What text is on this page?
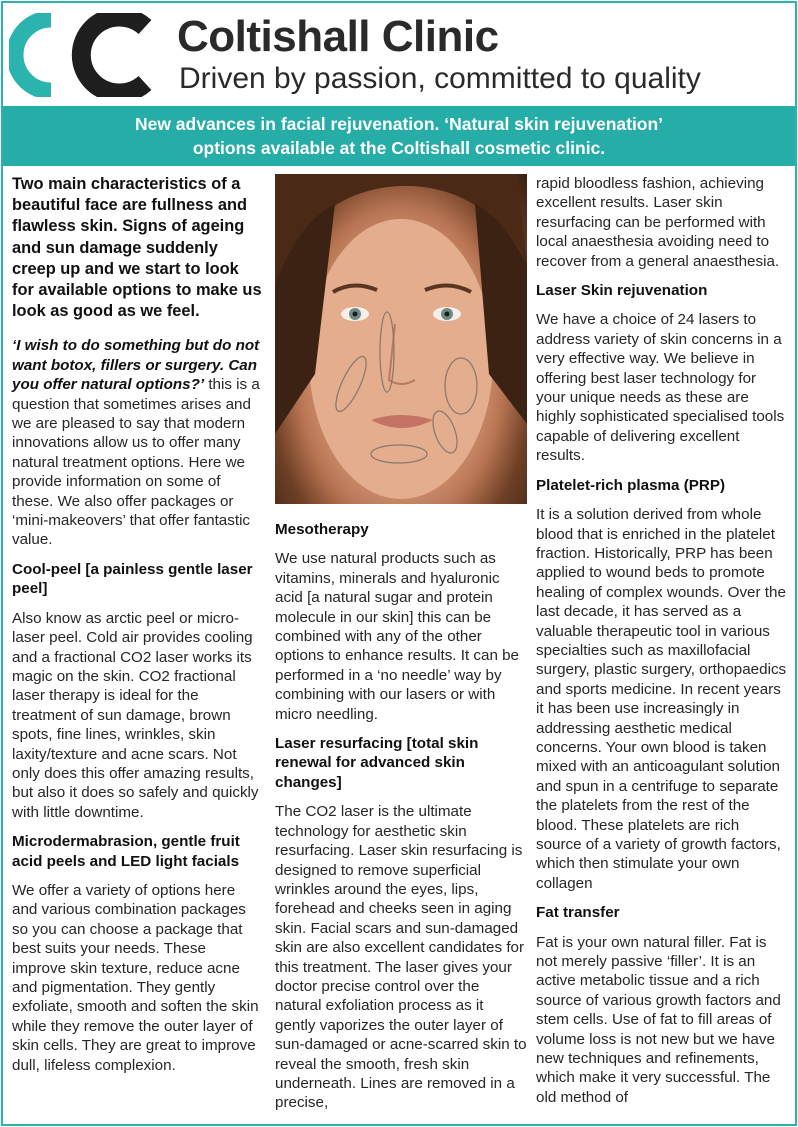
Coltishall Clinic
Driven by passion, committed to quality
New advances in facial rejuvenation. ‘Natural skin rejuvenation’
options available at the Coltishall cosmetic clinic.

Two main characteristics of a beautiful face are fullness and flawless skin. Signs of ageing and sun damage suddenly creep up and we start to look for available options to make us look as good as we feel.

‘I wish to do something but do not want botox, fillers or surgery. Can you offer natural options?’ this is a question that sometimes arises and we are pleased to say that modern innovations allow us to offer many natural treatment options. Here we provide information on some of these. We also offer packages or ‘mini-makeovers’ that offer fantastic value.

Cool-peel [a painless gentle laser peel]

Also know as arctic peel or micro-laser peel. Cold air provides cooling and a fractional CO2 laser works its magic on the skin. CO2 fractional laser therapy is ideal for the treatment of sun damage, brown spots, fine lines, wrinkles, skin laxity/texture and acne scars. Not only does this offer amazing results, but also it does so safely and quickly with little downtime.

Microdermabrasion, gentle fruit acid peels and LED light facials

We offer a variety of options here and various combination packages so you can choose a package that best suits your needs. These improve skin texture, reduce acne and pigmentation. They gently exfoliate, smooth and soften the skin while they remove the outer layer of skin cells. They are great to improve dull, lifeless complexion.

Mesotherapy

We use natural products such as vitamins, minerals and hyaluronic acid [a natural sugar and protein molecule in our skin] this can be combined with any of the other options to enhance results. It can be performed in a ‘no needle’ way by combining with our lasers or with micro needling.

Laser resurfacing [total skin renewal for advanced skin changes]

The CO2 laser is the ultimate technology for aesthetic skin resurfacing. Laser skin resurfacing is designed to remove superficial wrinkles around the eyes, lips, forehead and cheeks seen in aging skin. Facial scars and sun-damaged skin are also excellent candidates for this treatment. The laser gives your doctor precise control over the natural exfoliation process as it gently vaporizes the outer layer of sun-damaged or acne-scarred skin to reveal the smooth, fresh skin underneath. Lines are removed in a precise,

rapid bloodless fashion, achieving excellent results. Laser skin resurfacing can be performed with local anaesthesia avoiding need to recover from a general anaesthesia.

Laser Skin rejuvenation

We have a choice of 24 lasers to address variety of skin concerns in a very effective way. We believe in offering best laser technology for your unique needs as these are highly sophisticated specialised tools capable of delivering excellent results.

Platelet-rich plasma (PRP)

It is a solution derived from whole blood that is enriched in the platelet fraction. Historically, PRP has been applied to wound beds to promote healing of complex wounds. Over the last decade, it has served as a valuable therapeutic tool in various specialties such as maxillofacial surgery, plastic surgery, orthopaedics and sports medicine. In recent years it has been use increasingly in addressing aesthetic medical concerns. Your own blood is taken mixed with an anticoagulant solution and spun in a centrifuge to separate the platelets from the rest of the blood. These platelets are rich source of a variety of growth factors, which then stimulate your own collagen

Fat transfer

Fat is your own natural filler. Fat is not merely passive ‘filler’. It is an active metabolic tissue and a rich source of various growth factors and stem cells. Use of fat to fill areas of volume loss is not new but we have new techniques and refinements, which make it very successful. The old method of
